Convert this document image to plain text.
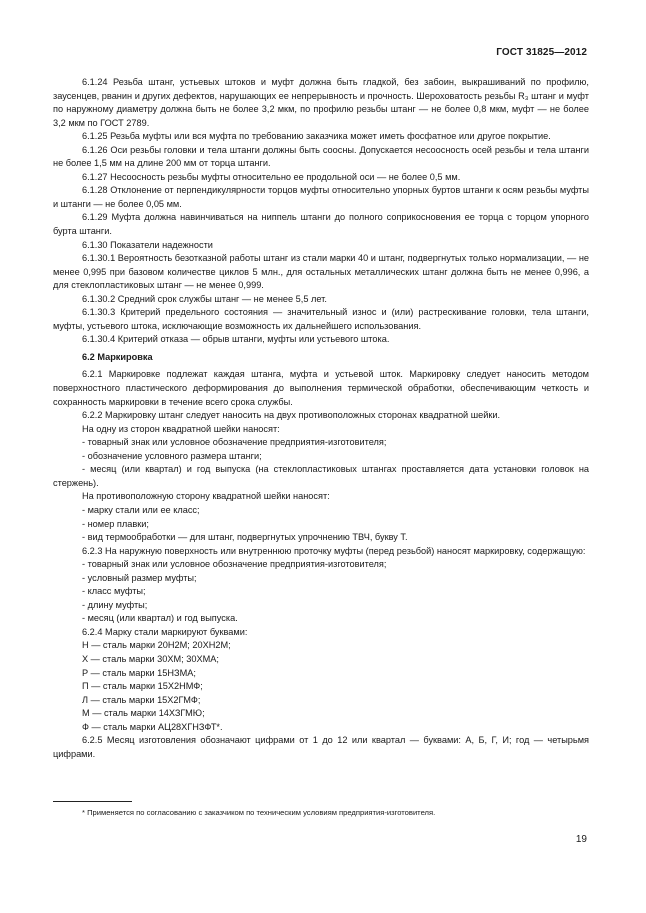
ГОСТ 31825—2012

6.1.24 Резьба штанг, устьевых штоков и муфт должна быть гладкой, без забоин, выкрашиваний по профилю, заусенцев, рванин и других дефектов, нарушающих ее непрерывность и прочность. Шероховатость резьбы R₃ штанг и муфт по наружному диаметру должна быть не более 3,2 мкм, по профилю резьбы штанг — не более 0,8 мкм, муфт — не более 3,2 мкм по ГОСТ 2789.

6.1.25 Резьба муфты или вся муфта по требованию заказчика может иметь фосфатное или другое покрытие.

6.1.26 Оси резьбы головки и тела штанги должны быть соосны. Допускается несоосность осей резьбы и тела штанги не более 1,5 мм на длине 200 мм от торца штанги.

6.1.27 Несоосность резьбы муфты относительно ее продольной оси — не более 0,5 мм.

6.1.28 Отклонение от перпендикулярности торцов муфты относительно упорных буртов штанги к осям резьбы муфты и штанги — не более 0,05 мм.

6.1.29 Муфта должна навинчиваться на ниппель штанги до полного соприкосновения ее торца с торцом упорного бурта штанги.

6.1.30 Показатели надежности

6.1.30.1 Вероятность безотказной работы штанг из стали марки 40 и штанг, подвергнутых только нормализации, — не менее 0,995 при базовом количестве циклов 5 млн., для остальных металлических штанг должна быть не менее 0,996, а для стеклопластиковых штанг — не менее 0,999.

6.1.30.2 Средний срок службы штанг — не менее 5,5 лет.

6.1.30.3 Критерий предельного состояния — значительный износ и (или) растрескивание головки, тела штанги, муфты, устьевого штока, исключающие возможность их дальнейшего использования.

6.1.30.4 Критерий отказа — обрыв штанги, муфты или устьевого штока.

6.2 Маркировка

6.2.1 Маркировке подлежат каждая штанга, муфта и устьевой шток. Маркировку следует наносить методом поверхностного пластического деформирования до выполнения термической обработки, обеспечивающим четкость и сохранность маркировки в течение всего срока службы.

6.2.2 Маркировку штанг следует наносить на двух противоположных сторонах квадратной шейки.

На одну из сторон квадратной шейки наносят:

- товарный знак или условное обозначение предприятия-изготовителя;

- обозначение условного размера штанги;

- месяц (или квартал) и год выпуска (на стеклопластиковых штангах проставляется дата установки головок на стержень).

На противоположную сторону квадратной шейки наносят:

- марку стали или ее класс;

- номер плавки;

- вид термообработки — для штанг, подвергнутых упрочнению ТВЧ, букву Т.

6.2.3 На наружную поверхность или внутреннюю проточку муфты (перед резьбой) наносят маркировку, содержащую:

- товарный знак или условное обозначение предприятия-изготовителя;

- условный размер муфты;

- класс муфты;

- длину муфты;

- месяц (или квартал) и год выпуска.

6.2.4 Марку стали маркируют буквами:

Н — сталь марки 20Н2М; 20ХН2М;

Х — сталь марки 30ХМ; 30ХМА;

Р — сталь марки 15НЗМА;

П — сталь марки 15Х2НМФ;

Л — сталь марки 15Х2ГМФ;

М — сталь марки 14ХЗГМЮ;

Ф — сталь марки АЦ28ХГНЗФТ*.

6.2.5 Месяц изготовления обозначают цифрами от 1 до 12 или квартал — буквами: А, Б, Г, И; год — четырьмя цифрами.

* Применяется по согласованию с заказчиком по техническим условиям предприятия-изготовителя.
19
